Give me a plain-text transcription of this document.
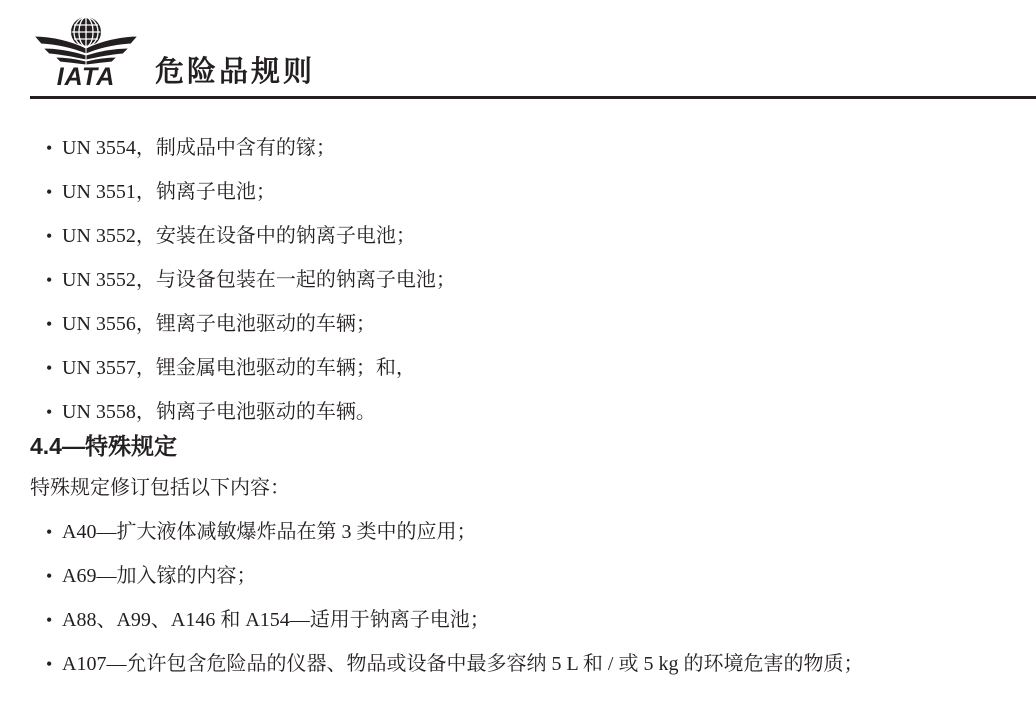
IATA 危险品规则
• UN 3554，制成品中含有的镓；
• UN 3551，钠离子电池；
• UN 3552，安装在设备中的钠离子电池；
• UN 3552，与设备包装在一起的钠离子电池；
• UN 3556，锂离子电池驱动的车辆；
• UN 3557，锂金属电池驱动的车辆；和，
• UN 3558，钠离子电池驱动的车辆。
4.4—特殊规定

特殊规定修订包括以下内容：

• A40—扩大液体减敏爆炸品在第 3 类中的应用；
• A69—加入镓的内容；
• A88、A99、A146 和 A154—适用于钠离子电池；
• A107—允许包含危险品的仪器、物品或设备中最多容纳 5 L 和 / 或 5 kg 的环境危害的物质；
